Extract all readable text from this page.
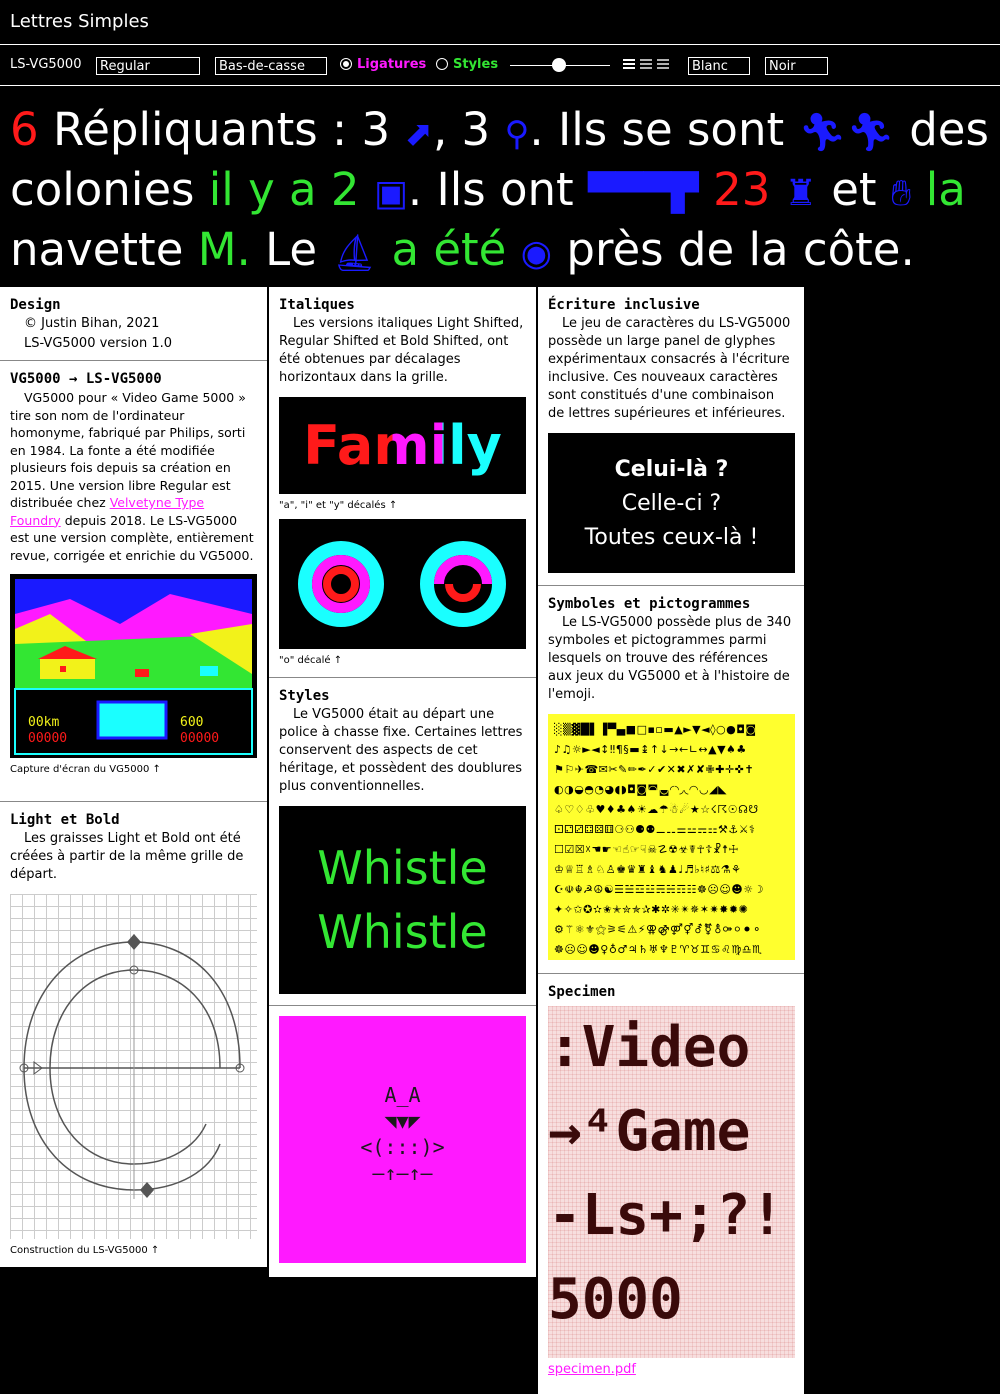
Lettres Simples
LS-VG5000	Regular	Bas-de-casse	Ligatures	Styles	Blanc	Noir
6 Répliquants : 3 ⬈, 3 ⚲. Ils se sont 🏃︎🏃︎ des
colonies il y a 2 ▣. Ils ont ▀▀▀▛ 23 ♜ et ✋︎ la
navette M. Le ⛵︎ a été ◉ près de la côte.
Design

© Justin Bihan, 2021

LS-VG5000 version 1.0

VG5000 → LS-VG5000

VG5000 pour « Video Game 5000 » tire son nom de l'ordinateur homonyme, fabriqué par Philips, sorti en 1984. La fonte a été modifiée plusieurs fois depuis sa création en 2015. Une version libre Regular est distribuée chez Velvetyne Type Foundry depuis 2018. Le LS-VG5000 est une version complète, entièrement revue, corrigée et enrichie du VG5000.

00km
00000
600
00000
Capture d'écran du VG5000 ↑
Light et Bold

Les graisses Light et Bold ont été créées à partir de la même grille de départ.

Construction du LS-VG5000 ↑
Italiques

Les versions italiques Light Shifted, Regular Shifted et Bold Shifted, ont été obtenues par décalages horizontaux dans la grille.

Family
"a", "i" et "y" décalés ↑
"o" décalé ↑
Styles

Le VG5000 était au départ une police à chasse fixe. Certaines lettres conservent des aspects de cet héritage, et possèdent des doublures plus conventionnelles.

Whistle
Whistle
A_A
◥▼◤
<(:::)>
—↑—↑—
Écriture inclusive

Le jeu de caractères du LS-VG5000 possède un large panel de glyphes expérimentaux consacrés à l'écriture inclusive. Ces nouveaux caractères sont constitués d'une combinaison de lettres supérieures et inférieures.

Celui-là ?
Celle-ci ?
Toutes ceux-là !
Symboles et pictogrammes

Le LS-VG5000 possède plus de 340 symboles et pictogrammes parmi lesquels on trouve des références aux jeux du VG5000 et à l'histoire de l'emoji.

░▒▓█▌▐▀▄■□▪▫▬▲►▼◄◊○●◘◙
♪♫☼►◄↕‼¶§▬↨↑↓→←∟↔▲▼♠♣
⚑⚐✈☎✉✂✎✏✒✓✔✕✖✗✘✙✚✛✜✝
◐◑◒◓◔◕◖◗◘◙◚◛◜◝◞◟◠◡◢◣
♤♡♢♧♥♦♣♠☀☁☂☃☄★☆☇☈☉☊☋
⚀⚁⚂⚃⚄⚅⚆⚇⚈⚉⚊⚋⚌⚍⚎⚏⚒⚓⚔⚕
☐☑☒☓☚☛☜☝☞☟☠☡☢☣☤☥☦☧☨☩
♔♕♖♗♘♙♚♛♜♝♞♟♩♬♭♮♯⚖⚗⚘
☪☫☬☭☮☯☰☱☲☳☴☵☶☷☸☹☺☻☼☽
✦✧✩✪✫✬✭✮✯✰✱✲✳✴✵✶✷✸✹✺
⚙⚚⚛⚜⚝⚞⚟⚠⚡⚢⚣⚤⚥⚦⚧⚨⚩⚪⚫⚬
☸☹☺☻♀♁♂♃♄♅♆♇♈♉♊♋♌♍♎♏
Specimen
:Video
→⁴Game
-Ls+;?!
5000
specimen.pdf
